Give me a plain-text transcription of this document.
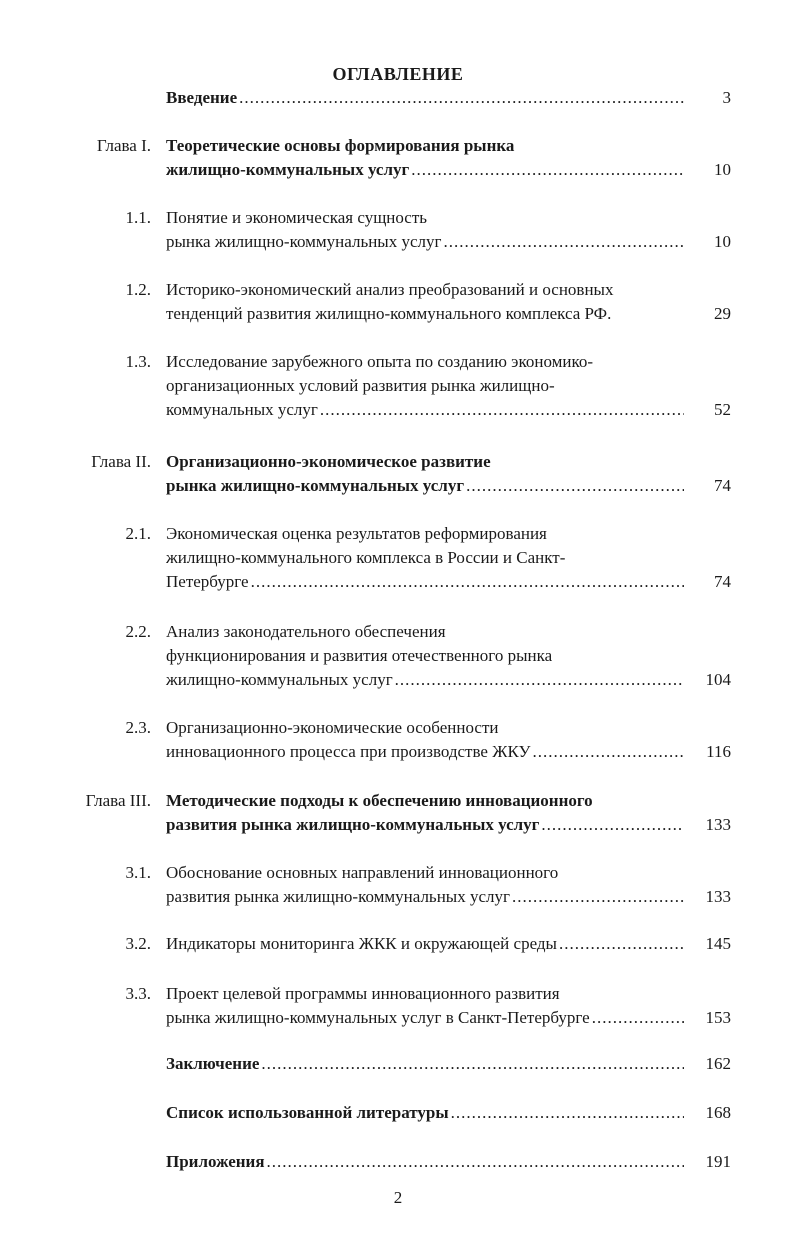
ОГЛАВЛЕНИЕ
Введение .....	3
Глава I. Теоретические основы формирования рынка
жилищно-коммунальных услуг .....	10
1.1. Понятие и экономическая сущность
рынка жилищно-коммунальных услуг .....	10
1.2. Историко-экономический анализ преобразований и основных
тенденций развития жилищно-коммунального комплекса РФ.	29
1.3. Исследование зарубежного опыта по созданию экономико-
организационных условий развития рынка жилищно-
коммунальных услуг .....	52
Глава II. Организационно-экономическое развитие
рынка жилищно-коммунальных услуг .....	74
2.1. Экономическая оценка результатов реформирования
жилищно-коммунального комплекса в России и Санкт-
Петербурге .....	74
2.2. Анализ законодательного обеспечения
функционирования и развития отечественного рынка
жилищно-коммунальных услуг .....	104
2.3. Организационно-экономические особенности
инновационного процесса при производстве ЖКУ .....	116
Глава III. Методические подходы к обеспечению инновационного
развития рынка жилищно-коммунальных услуг .....	133
3.1. Обоснование основных направлений инновационного
развития рынка жилищно-коммунальных услуг .....	133
3.2. Индикаторы мониторинга ЖКК и окружающей среды .....	145
3.3. Проект целевой программы инновационного развития
рынка жилищно-коммунальных услуг в Санкт-Петербурге .....	153
Заключение .....	162
Список использованной литературы .....	168
Приложения .....	191
2
